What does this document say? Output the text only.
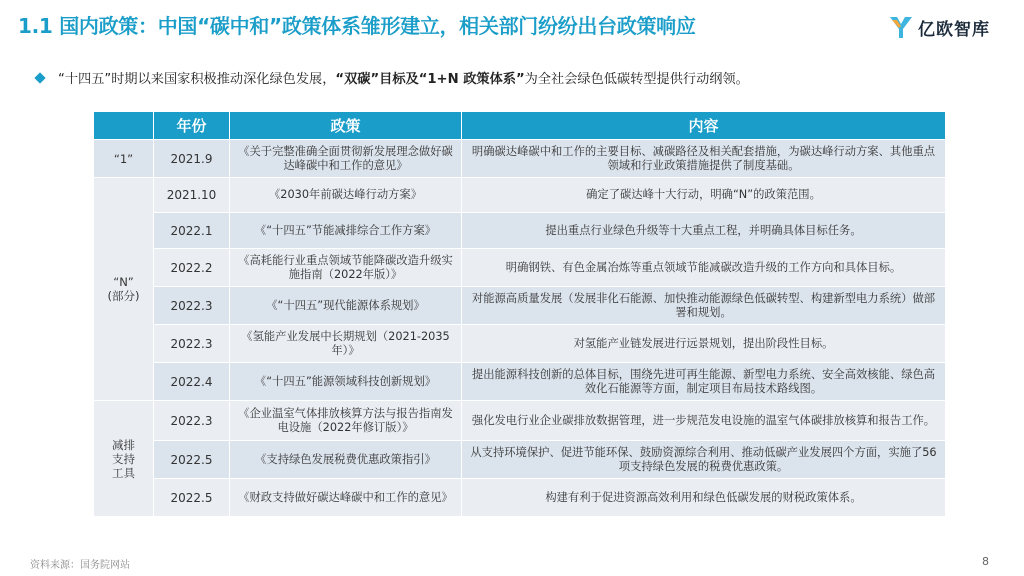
1.1 国内政策：中国“碳中和”政策体系雏形建立，相关部门纷纷出台政策响应	亿欧智库
“十四五”时期以来国家积极推动深化绿色发展， “双碳”目标及“1+N 政策体系” 为全社会绿色低碳转型提供行动纲领。
	年份	政策	内容
“1”	2021.9	《关于完整准确全面贯彻新发展理念做好碳达峰碳中和工作的意见》	明确碳达峰碳中和工作的主要目标、减碳路径及相关配套措施，为碳达峰行动方案、其他重点领域和行业政策措施提供了制度基础。

“N”
(部分)	2021.10	《2030年前碳达峰行动方案》	确定了碳达峰十大行动，明确“N”的政策范围。
	2022.1	《“十四五”节能减排综合工作方案》	提出重点行业绿色升级等十大重点工程，并明确具体目标任务。
	2022.2	《高耗能行业重点领域节能降碳改造升级实施指南（2022年版）》	明确钢铁、有色金属冶炼等重点领域节能减碳改造升级的工作方向和具体目标。
	2022.3	《“十四五”现代能源体系规划》	对能源高质量发展（发展非化石能源、加快推动能源绿色低碳转型、构建新型电力系统）做部署和规划。
	2022.3	《氢能产业发展中长期规划（2021-2035年）》	对氢能产业链发展进行远景规划，提出阶段性目标。
	2022.4	《“十四五”能源领域科技创新规划》	提出能源科技创新的总体目标，围绕先进可再生能源、新型电力系统、安全高效核能、绿色高效化石能源等方面，制定项目布局技术路线图。

减排
支持
工具	2022.3	《企业温室气体排放核算方法与报告指南发电设施（2022年修订版）》	强化发电行业企业碳排放数据管理，进一步规范发电设施的温室气体碳排放核算和报告工作。
	2022.5	《支持绿色发展税费优惠政策指引》	从支持环境保护、促进节能环保、鼓励资源综合利用、推动低碳产业发展四个方面，实施了56项支持绿色发展的税费优惠政策。
	2022.5	《财政支持做好碳达峰碳中和工作的意见》	构建有利于促进资源高效利用和绿色低碳发展的财税政策体系。
资料来源：国务院网站	8
